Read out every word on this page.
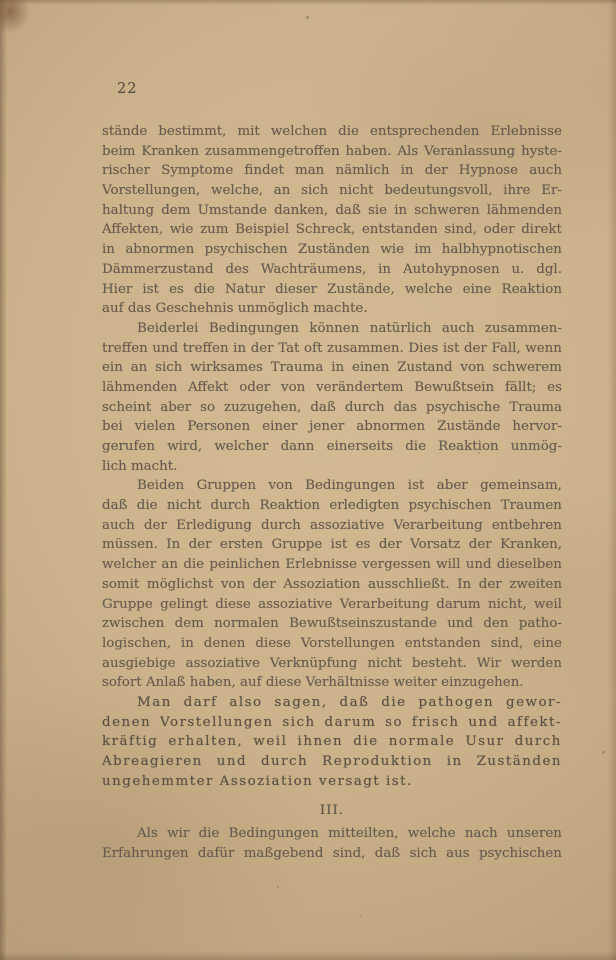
22
stände bestimmt, mit welchen die entsprechenden Erlebnisse
beim Kranken zusammengetroffen haben. Als Veranlassung hyste-
rischer Symptome findet man nämlich in der Hypnose auch
Vorstellungen, welche, an sich nicht bedeutungsvoll, ihre Er-
haltung dem Umstande danken, daß sie in schweren lähmenden
Affekten, wie zum Beispiel Schreck, entstanden sind, oder direkt
in abnormen psychischen Zuständen wie im halbhypnotischen
Dämmerzustand des Wachträumens, in Autohypnosen u. dgl.
Hier ist es die Natur dieser Zustände, welche eine Reaktion
auf das Geschehnis unmöglich machte.
Beiderlei Bedingungen können natürlich auch zusammen-
treffen und treffen in der Tat oft zusammen. Dies ist der Fall, wenn
ein an sich wirksames Trauma in einen Zustand von schwerem
lähmenden Affekt oder von verändertem Bewußtsein fällt; es
scheint aber so zuzugehen, daß durch das psychische Trauma
bei vielen Personen einer jener abnormen Zustände hervor-
gerufen wird, welcher dann einerseits die Reaktion unmög-
lich macht.
Beiden Gruppen von Bedingungen ist aber gemeinsam,
daß die nicht durch Reaktion erledigten psychischen Traumen
auch der Erledigung durch assoziative Verarbeitung entbehren
müssen. In der ersten Gruppe ist es der Vorsatz der Kranken,
welcher an die peinlichen Erlebnisse vergessen will und dieselben
somit möglichst von der Assoziation ausschließt. In der zweiten
Gruppe gelingt diese assoziative Verarbeitung darum nicht, weil
zwischen dem normalen Bewußtseinszustande und den patho-
logischen, in denen diese Vorstellungen entstanden sind, eine
ausgiebige assoziative Verknüpfung nicht besteht. Wir werden
sofort Anlaß haben, auf diese Verhältnisse weiter einzugehen.
Man darf also sagen, daß die pathogen gewor-
denen Vorstellungen sich darum so frisch und affekt-
kräftig erhalten, weil ihnen die normale Usur durch
Abreagieren und durch Reproduktion in Zuständen
ungehemmter Assoziation versagt ist.
III.
Als wir die Bedingungen mitteilten, welche nach unseren
Erfahrungen dafür maßgebend sind, daß sich aus psychischen
